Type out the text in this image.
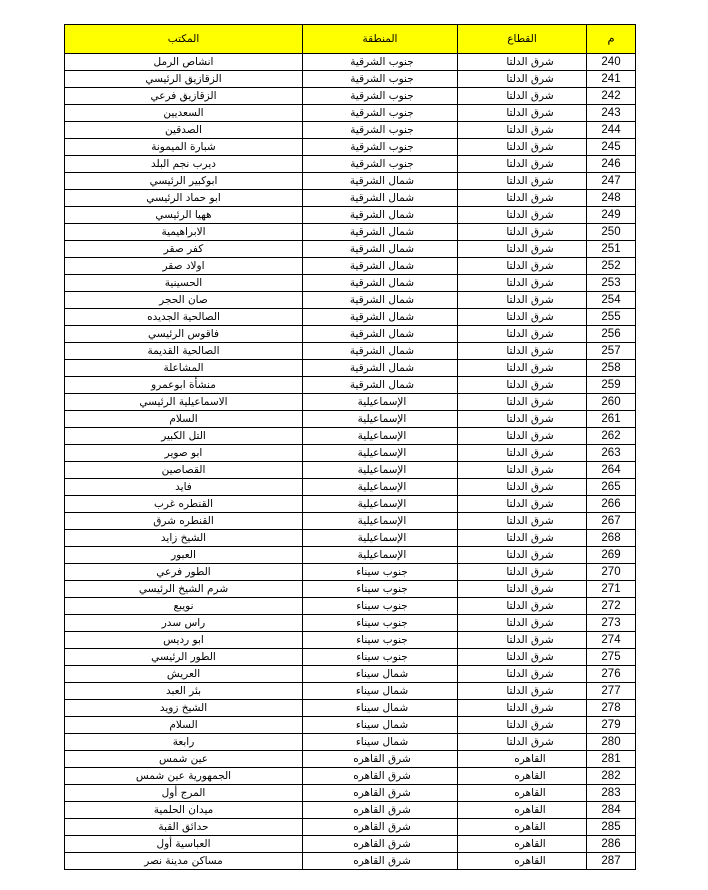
المكتب	المنطقة	القطاع	م
انشاص الرمل	جنوب الشرقية	شرق الدلتا	240
الزقازيق الرئيسي	جنوب الشرقية	شرق الدلتا	241
الزقازيق فرعي	جنوب الشرقية	شرق الدلتا	242
السعديين	جنوب الشرقية	شرق الدلتا	243
الصدقين	جنوب الشرقية	شرق الدلتا	244
شبارة الميمونة	جنوب الشرقية	شرق الدلتا	245
ديرب نجم البلد	جنوب الشرقية	شرق الدلتا	246
ابوكبير الرئيسي	شمال الشرقية	شرق الدلتا	247
ابو حماد الرئيسي	شمال الشرقية	شرق الدلتا	248
ههيا الرئيسي	شمال الشرقية	شرق الدلتا	249
الابراهيمية	شمال الشرقية	شرق الدلتا	250
كفر صقر	شمال الشرقية	شرق الدلتا	251
اولاد صقر	شمال الشرقية	شرق الدلتا	252
الحسينية	شمال الشرقية	شرق الدلتا	253
صان الحجر	شمال الشرقية	شرق الدلتا	254
الصالحية الجديده	شمال الشرقية	شرق الدلتا	255
فاقوس الرئيسي	شمال الشرقية	شرق الدلتا	256
الصالحية القديمة	شمال الشرقية	شرق الدلتا	257
المشاعلة	شمال الشرقية	شرق الدلتا	258
منشأة ابوعمرو	شمال الشرقية	شرق الدلتا	259
الاسماعيلية الرئيسي	الإسماعيلية	شرق الدلتا	260
السلام	الإسماعيلية	شرق الدلتا	261
التل الكبير	الإسماعيلية	شرق الدلتا	262
ابو صوير	الإسماعيلية	شرق الدلتا	263
القصاصين	الإسماعيلية	شرق الدلتا	264
فايد	الإسماعيلية	شرق الدلتا	265
القنطره غرب	الإسماعيلية	شرق الدلتا	266
القنطره شرق	الإسماعيلية	شرق الدلتا	267
الشيخ زايد	الإسماعيلية	شرق الدلتا	268
العبور	الإسماعيلية	شرق الدلتا	269
الطور فرعي	جنوب سيناء	شرق الدلتا	270
شرم الشيخ الرئيسي	جنوب سيناء	شرق الدلتا	271
نويبع	جنوب سيناء	شرق الدلتا	272
راس سدر	جنوب سيناء	شرق الدلتا	273
ابو رديس	جنوب سيناء	شرق الدلتا	274
الطور الرئيسي	جنوب سيناء	شرق الدلتا	275
العريش	شمال سيناء	شرق الدلتا	276
بئر العبد	شمال سيناء	شرق الدلتا	277
الشيخ زويد	شمال سيناء	شرق الدلتا	278
السلام	شمال سيناء	شرق الدلتا	279
رابعة	شمال سيناء	شرق الدلتا	280
عين شمس	شرق القاهره	القاهره	281
الجمهورية عين شمس	شرق القاهره	القاهره	282
المرج أول	شرق القاهره	القاهره	283
ميدان الحلمية	شرق القاهره	القاهره	284
حدائق القبة	شرق القاهره	القاهره	285
العباسية أول	شرق القاهره	القاهره	286
مساكن مدينة نصر	شرق القاهره	القاهره	287
